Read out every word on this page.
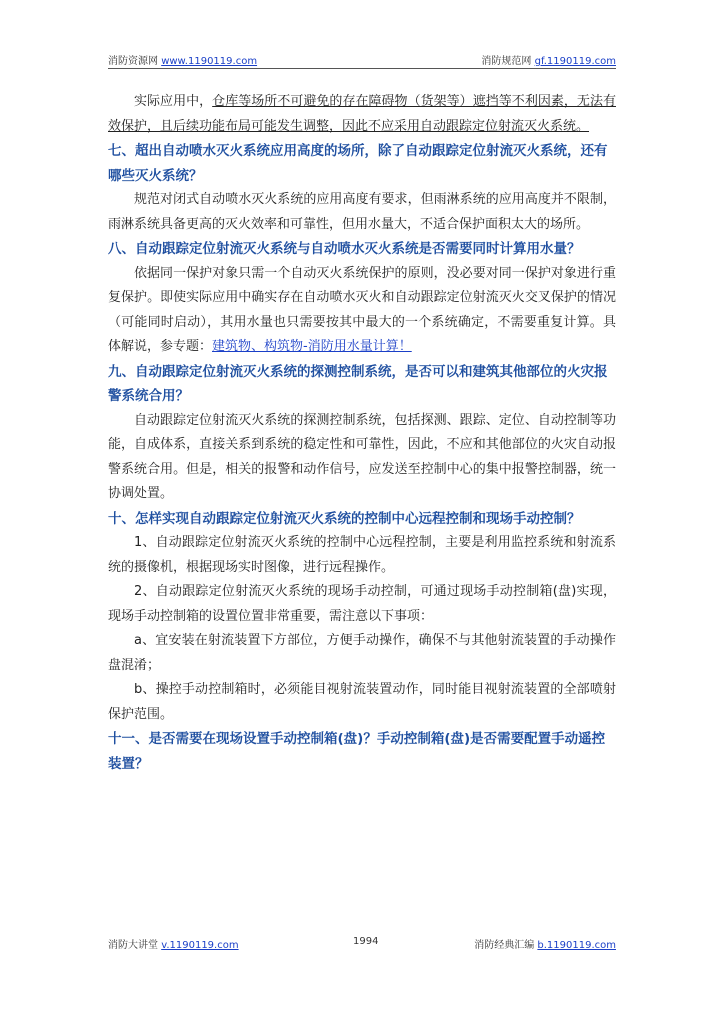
消防资源网 www.1190119.com	消防规范网 gf.1190119.com

实际应用中，仓库等场所不可避免的存在障碍物（货架等）遮挡等不利因素，无法有效保护，且后续功能布局可能发生调整，因此不应采用自动跟踪定位射流灭火系统。

七、超出自动喷水灭火系统应用高度的场所，除了自动跟踪定位射流灭火系统，还有哪些灭火系统？

规范对闭式自动喷水灭火系统的应用高度有要求，但雨淋系统的应用高度并不限制，雨淋系统具备更高的灭火效率和可靠性，但用水量大，不适合保护面积太大的场所。

八、自动跟踪定位射流灭火系统与自动喷水灭火系统是否需要同时计算用水量？

依据同一保护对象只需一个自动灭火系统保护的原则，没必要对同一保护对象进行重复保护。即使实际应用中确实存在自动喷水灭火和自动跟踪定位射流灭火交叉保护的情况（可能同时启动），其用水量也只需要按其中最大的一个系统确定，不需要重复计算。具体解说，参专题：建筑物、构筑物-消防用水量计算！

九、自动跟踪定位射流灭火系统的探测控制系统，是否可以和建筑其他部位的火灾报警系统合用？

自动跟踪定位射流灭火系统的探测控制系统，包括探测、跟踪、定位、自动控制等功能，自成体系，直接关系到系统的稳定性和可靠性，因此，不应和其他部位的火灾自动报警系统合用。但是，相关的报警和动作信号，应发送至控制中心的集中报警控制器，统一协调处置。

十、怎样实现自动跟踪定位射流灭火系统的控制中心远程控制和现场手动控制？

1、自动跟踪定位射流灭火系统的控制中心远程控制，主要是利用监控系统和射流系统的摄像机，根据现场实时图像，进行远程操作。

2、自动跟踪定位射流灭火系统的现场手动控制，可通过现场手动控制箱(盘)实现，现场手动控制箱的设置位置非常重要，需注意以下事项：

a、宜安装在射流装置下方部位，方便手动操作，确保不与其他射流装置的手动操作盘混淆；

b、操控手动控制箱时，必须能目视射流装置动作，同时能目视射流装置的全部喷射保护范围。

十一、是否需要在现场设置手动控制箱(盘)？手动控制箱(盘)是否需要配置手动遥控装置？

消防大讲堂 v.1190119.com	1994	消防经典汇编 b.1190119.com
